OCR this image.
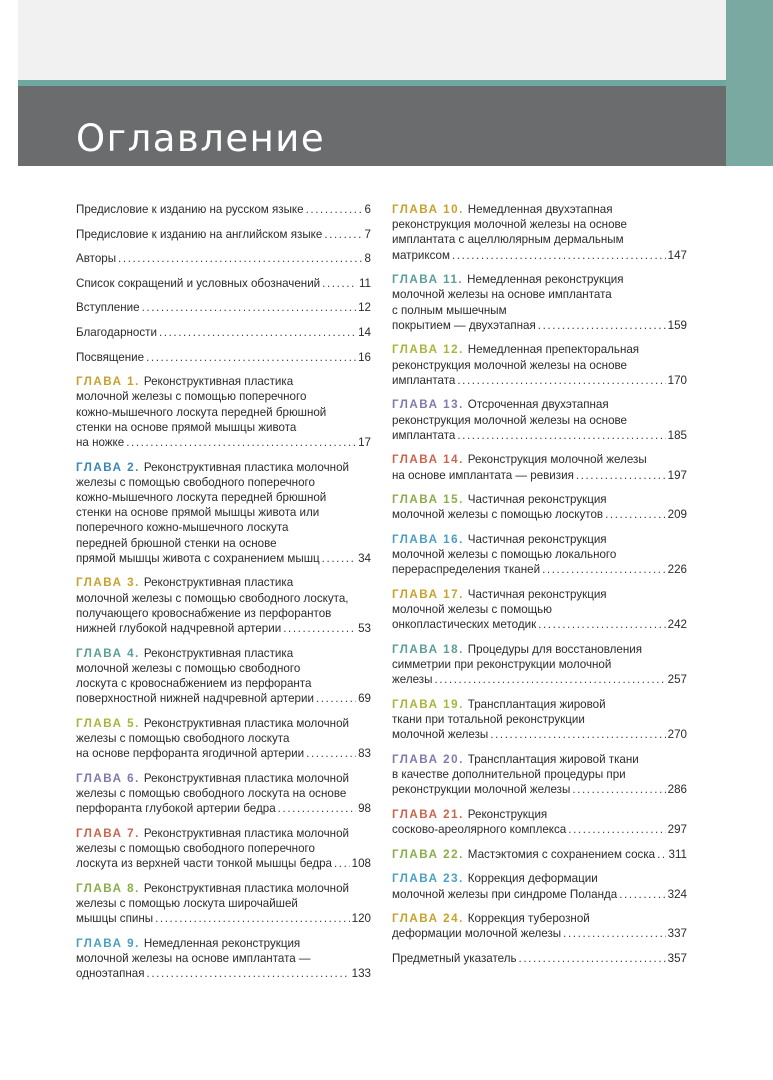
Оглавление
Предисловие к изданию на русском языке .....	6
Предисловие к изданию на английском языке .....	7
Авторы .....	8
Список сокращений и условных обозначений .....	11
Вступление .....	12
Благодарности .....	14
Посвящение .....	16
ГЛАВА 1. Реконструктивная пластика
молочной железы с помощью поперечного
кожно-мышечного лоскута передней брюшной
стенки на основе прямой мышцы живота
на ножке .....	17
ГЛАВА 2. Реконструктивная пластика молочной
железы с помощью свободного поперечного
кожно-мышечного лоскута передней брюшной
стенки на основе прямой мышцы живота или
поперечного кожно-мышечного лоскута
передней брюшной стенки на основе
прямой мышцы живота с сохранением мышц .....	34
ГЛАВА 3. Реконструктивная пластика
молочной железы с помощью свободного лоскута,
получающего кровоснабжение из перфорантов
нижней глубокой надчревной артерии .....	53
ГЛАВА 4. Реконструктивная пластика
молочной железы с помощью свободного
лоскута с кровоснабжением из перфоранта
поверхностной нижней надчревной артерии .....	69
ГЛАВА 5. Реконструктивная пластика молочной
железы с помощью свободного лоскута
на основе перфоранта ягодичной артерии .....	83
ГЛАВА 6. Реконструктивная пластика молочной
железы с помощью свободного лоскута на основе
перфоранта глубокой артерии бедра .....	98
ГЛАВА 7. Реконструктивная пластика молочной
железы с помощью свободного поперечного
лоскута из верхней части тонкой мышцы бедра ..... 108
ГЛАВА 8. Реконструктивная пластика молочной
железы с помощью лоскута широчайшей
мышцы спины .....	120
ГЛАВА 9. Немедленная реконструкция
молочной железы на основе имплантата —
одноэтапная .....	133
ГЛАВА 10. Немедленная двухэтапная
реконструкция молочной железы на основе
имплантата с ацеллюлярным дермальным
матриксом .....	147
ГЛАВА 11. Немедленная реконструкция
молочной железы на основе имплантата
с полным мышечным
покрытием — двухэтапная .....	159
ГЛАВА 12. Немедленная препекторальная
реконструкция молочной железы на основе
имплантата .....	170
ГЛАВА 13. Отсроченная двухэтапная
реконструкция молочной железы на основе
имплантата .....	185
ГЛАВА 14. Реконструкция молочной железы
на основе имплантата — ревизия .....	197
ГЛАВА 15. Частичная реконструкция
молочной железы с помощью лоскутов .....	209
ГЛАВА 16. Частичная реконструкция
молочной железы с помощью локального
перераспределения тканей .....	226
ГЛАВА 17. Частичная реконструкция
молочной железы с помощью
онкопластических методик .....	242
ГЛАВА 18. Процедуры для восстановления
симметрии при реконструкции молочной
железы .....	257
ГЛАВА 19. Трансплантация жировой
ткани при тотальной реконструкции
молочной железы .....	270
ГЛАВА 20. Трансплантация жировой ткани
в качестве дополнительной процедуры при
реконструкции молочной железы .....	286
ГЛАВА 21. Реконструкция
сосково-ареолярного комплекса .....	297
ГЛАВА 22. Мастэктомия с сохранением соска ..... 311
ГЛАВА 23. Коррекция деформации
молочной железы при синдроме Поланда .....	324
ГЛАВА 24. Коррекция туберозной
деформации молочной железы .....	337
Предметный указатель .....	357
